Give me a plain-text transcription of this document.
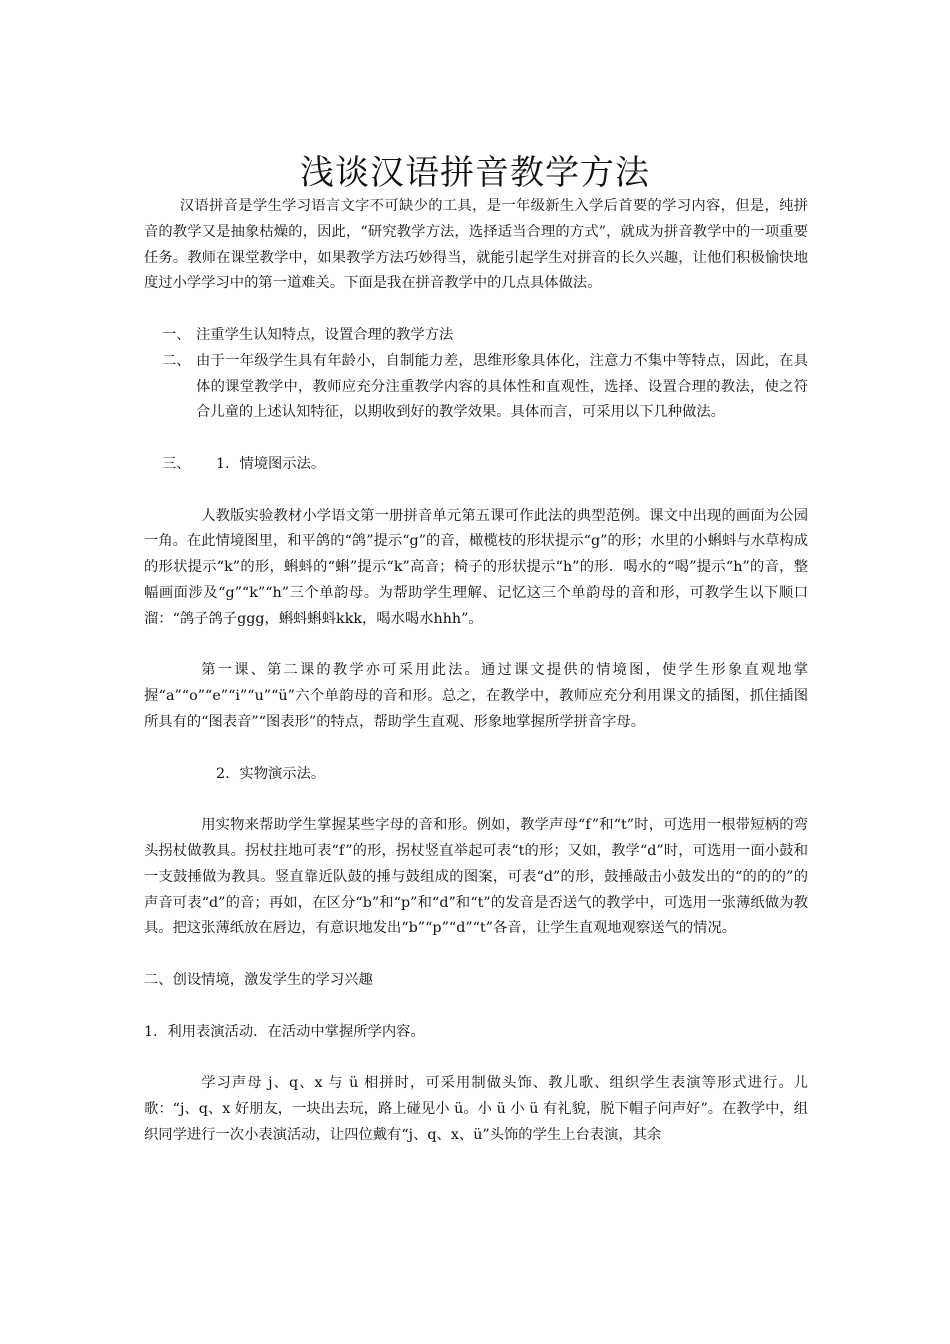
浅谈汉语拼音教学方法

汉语拼音是学生学习语言文字不可缺少的工具，是一年级新生入学后首要的学习内容，但是，纯拼音的教学又是抽象枯燥的，因此，“研究教学方法，选择适当合理的方式”，就成为拼音教学中的一项重要任务。教师在课堂教学中，如果教学方法巧妙得当，就能引起学生对拼音的长久兴趣，让他们积极愉快地度过小学学习中的第一道难关。下面是我在拼音教学中的几点具体做法。

一、 注重学生认知特点，设置合理的教学方法
二、 由于一年级学生具有年龄小，自制能力差，思维形象具体化，注意力不集中等特点，因此，在具体的课堂教学中，教师应充分注重教学内容的具体性和直观性，选择、设置合理的教法，使之符合儿童的上述认知特征，以期收到好的教学效果。具体而言，可采用以下几种做法。
三、	1．情境图示法。

人教版实验教材小学语文第一册拼音单元第五课可作此法的典型范例。课文中出现的画面为公园一角。在此情境图里，和平鸽的“鸽”提示“g”的音，橄榄枝的形状提示“g”的形；水里的小蝌蚪与水草构成的形状提示“k”的形，蝌蚪的“蝌”提示“k”高音；椅子的形状提示“h”的形．喝水的“喝”提示“h”的音，整幅画面涉及“g”“k”“h”三个单韵母。为帮助学生理解、记忆这三个单韵母的音和形，可教学生以下顺口溜：“鸽子鸽子ggg，蝌蚪蝌蚪kkk，喝水喝水hhh”。

第一课、第二课的教学亦可采用此法。通过课文提供的情境图，使学生形象直观地掌握“a”“o”“e”“i”“u”“ü”六个单韵母的音和形。总之，在教学中，教师应充分利用课文的插图，抓住插图所具有的“图表音”“图表形”的特点，帮助学生直观、形象地掌握所学拼音字母。

2．实物演示法。

用实物来帮助学生掌握某些字母的音和形。例如，教学声母“f”和“t”时，可选用一根带短柄的弯头拐杖做教具。拐杖拄地可表“f”的形，拐杖竖直举起可表“t的形；又如，教学“d”时，可选用一面小鼓和一支鼓捶做为教具。竖直靠近队鼓的捶与鼓组成的图案，可表“d”的形，鼓捶敲击小鼓发出的“的的的”的声音可表“d”的音；再如，在区分“b”和“p”和“d”和“t”的发音是否送气的教学中，可选用一张薄纸做为教具。把这张薄纸放在唇边，有意识地发出“b”“p”“d”“t”各音，让学生直观地观察送气的情况。

二、创设情境，激发学生的学习兴趣

1．利用表演活动．在活动中掌握所学内容。

学习声母 j、q、x 与 ü 相拼时，可采用制做头饰、教儿歌、组织学生表演等形式进行。儿歌：“j、q、x 好朋友，一块出去玩，路上碰见小 ü。小 ü 小 ü 有礼貌，脱下帽子问声好”。在教学中，组织同学进行一次小表演活动，让四位戴有“j、q、x、ü”头饰的学生上台表演，其余
